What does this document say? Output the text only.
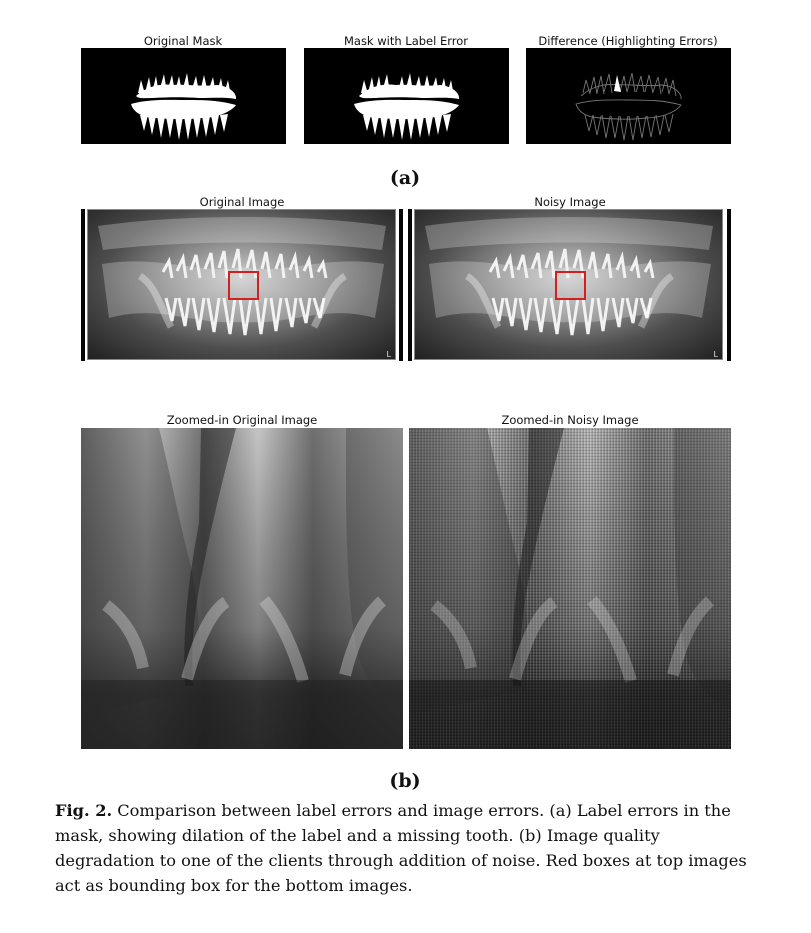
Original Mask	Mask with Label Error	Difference (Highlighting Errors)
(a)
Original Image	Noisy Image
L	L
Zoomed-in Original Image	Zoomed-in Noisy Image
(b)
Fig. 2. Comparison between label errors and image errors. (a) Label errors in the mask, showing dilation of the label and a missing tooth. (b) Image quality degradation to one of the clients through addition of noise. Red boxes at top images act as bounding box for the bottom images.
